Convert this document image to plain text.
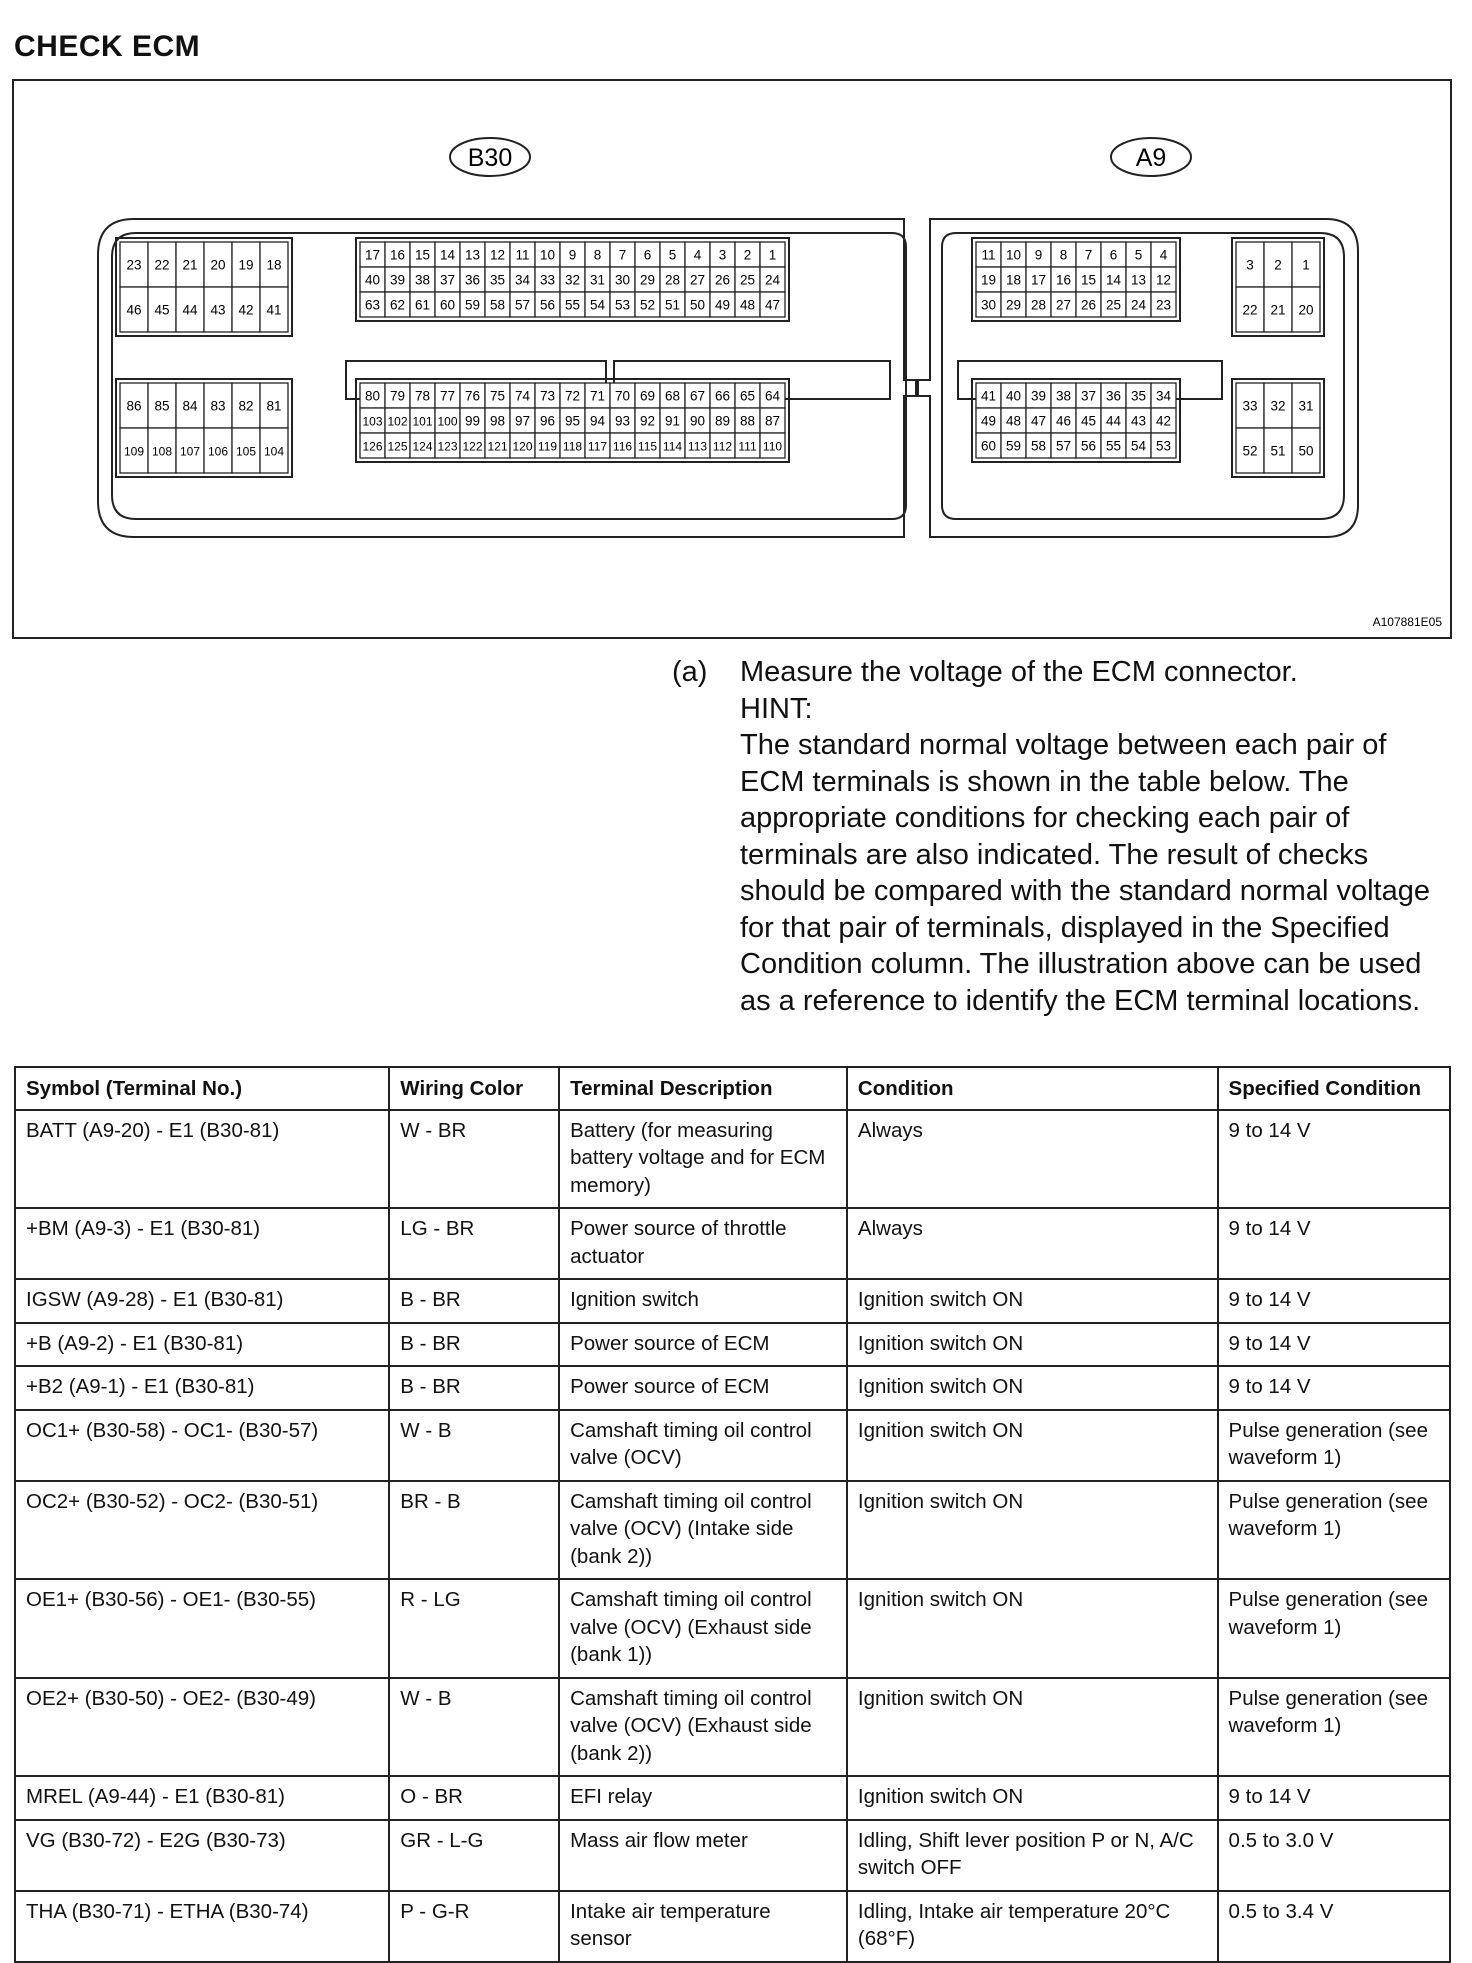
CHECK ECM
B30	A9
23 22 21 20 19 18
46 45 44 43 42 41
17 16 15 14 13 12 11 10 9 8 7 6 5 4 3 2 1
40 39 38 37 36 35 34 33 32 31 30 29 28 27 26 25 24
63 62 61 60 59 58 57 56 55 54 53 52 51 50 49 48 47
86 85 84 83 82 81
109 108 107 106 105 104
80 79 78 77 76 75 74 73 72 71 70 69 68 67 66 65 64
103 102 101 100 99 98 97 96 95 94 93 92 91 90 89 88 87
126 125 124 123 122 121 120 119 118 117 116 115 114 113 112 111 110
11 10 9 8 7 6 5 4
19 18 17 16 15 14 13 12
30 29 28 27 26 25 24 23
3 2 1
22 21 20
41 40 39 38 37 36 35 34
49 48 47 46 45 44 43 42
60 59 58 57 56 55 54 53
33 32 31
52 51 50
A107881E05
(a) Measure the voltage of the ECM connector.

HINT:

The standard normal voltage between each pair of ECM terminals is shown in the table below. The appropriate conditions for checking each pair of terminals are also indicated. The result of checks should be compared with the standard normal voltage for that pair of terminals, displayed in the Specified Condition column. The illustration above can be used as a reference to identify the ECM terminal locations.

Symbol (Terminal No.)	Wiring Color	Terminal Description	Condition	Specified Condition
BATT (A9-20) - E1 (B30-81)	W - BR	Battery (for measuring battery voltage and for ECM memory)	Always	9 to 14 V
+BM (A9-3) - E1 (B30-81)	LG - BR	Power source of throttle actuator	Always	9 to 14 V
IGSW (A9-28) - E1 (B30-81)	B - BR	Ignition switch	Ignition switch ON	9 to 14 V
+B (A9-2) - E1 (B30-81)	B - BR	Power source of ECM	Ignition switch ON	9 to 14 V
+B2 (A9-1) - E1 (B30-81)	B - BR	Power source of ECM	Ignition switch ON	9 to 14 V
OC1+ (B30-58) - OC1- (B30-57)	W - B	Camshaft timing oil control valve (OCV)	Ignition switch ON	Pulse generation (see waveform 1)
OC2+ (B30-52) - OC2- (B30-51)	BR - B	Camshaft timing oil control valve (OCV) (Intake side (bank 2))	Ignition switch ON	Pulse generation (see waveform 1)
OE1+ (B30-56) - OE1- (B30-55)	R - LG	Camshaft timing oil control valve (OCV) (Exhaust side (bank 1))	Ignition switch ON	Pulse generation (see waveform 1)
OE2+ (B30-50) - OE2- (B30-49)	W - B	Camshaft timing oil control valve (OCV) (Exhaust side (bank 2))	Ignition switch ON	Pulse generation (see waveform 1)
MREL (A9-44) - E1 (B30-81)	O - BR	EFI relay	Ignition switch ON	9 to 14 V
VG (B30-72) - E2G (B30-73)	GR - L-G	Mass air flow meter	Idling, Shift lever position P or N, A/C switch OFF	0.5 to 3.0 V
THA (B30-71) - ETHA (B30-74)	P - G-R	Intake air temperature sensor	Idling, Intake air temperature 20°C (68°F)	0.5 to 3.4 V
